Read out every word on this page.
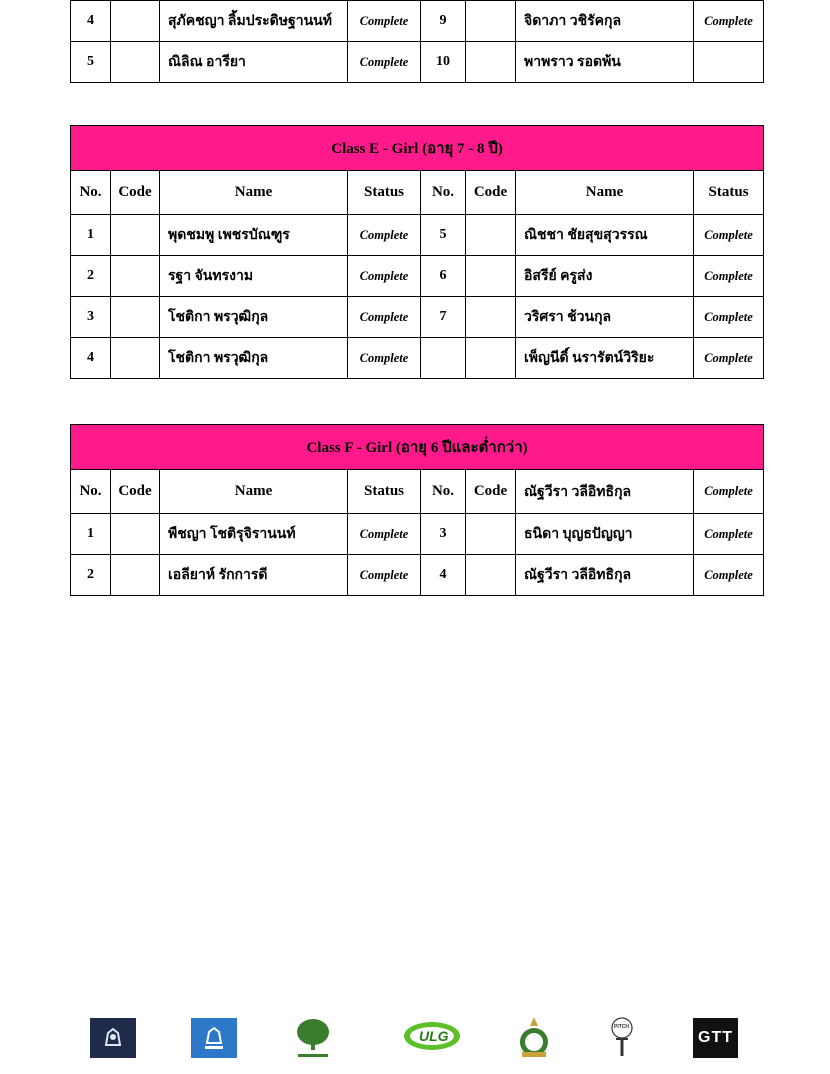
4		สุภัคชญา ลิ้มประดิษฐานนท์	Complete	9		จิดาภา วชิรัคกุล	Complete
5		ณิลิณ อารียา	Complete	10		พาพราว รอดพ้น	
Class E - Girl (อายุ 7 - 8 ปี)							
No.	Code	Name	Status	No.	Code	Name	Status
1		พุดชมพู เพชรบัณฑูร	Complete	5		ณิชชา ชัยสุขสุวรรณ	Complete
2		รฐา จันทรงาม	Complete	6		อิสรีย์ ครูส่ง	Complete
3		โชติกา พรวุฒิกุล	Complete	7		วริศรา ช้วนกุล	Complete
4		โชติกา พรวุฒิกุล	Complete			เพ็ญนีดิ์ นรารัตน์วิริยะ	Complete
Class F - Girl (อายุ 6 ปีและต่ำกว่า)							
No.	Code	Name	Status	No.	Code	ณัฐวีรา วลีอิทธิกุล	Complete
1		พืชญา โชติรุจิรานนท์	Complete	3		ธนิดา บุญธปัญญา	Complete
2		เอลียาห์ รักการดี	Complete	4		ณัฐวีรา วลีอิทธิกุล	Complete
ULG
PITCH
GTT
